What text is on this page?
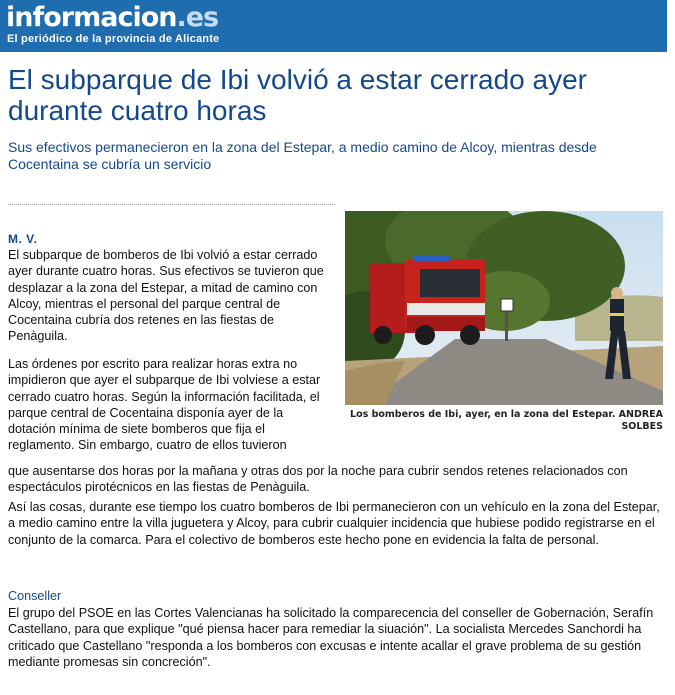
informacion.es
El periódico de la provincia de Alicante
El subparque de Ibi volvió a estar cerrado ayer durante cuatro horas

Sus efectivos permanecieron en la zona del Estepar, a medio camino de Alcoy, mientras desde Cocentaina se cubría un servicio

Los bomberos de Ibi, ayer, en la zona del Estepar. ANDREA SOLBES
M. V.

El subparque de bomberos de Ibi volvió a estar cerrado ayer durante cuatro horas. Sus efectivos se tuvieron que desplazar a la zona del Estepar, a mitad de camino con Alcoy, mientras el personal del parque central de Cocentaina cubría dos retenes en las fiestas de Penàguila.

Las órdenes por escrito para realizar horas extra no impidieron que ayer el subparque de Ibi volviese a estar cerrado cuatro horas. Según la información facilitada, el parque central de Cocentaina disponía ayer de la dotación mínima de siete bomberos que fija el reglamento. Sin embargo, cuatro de ellos tuvieron

que ausentarse dos horas por la mañana y otras dos por la noche para cubrir sendos retenes relacionados con espectáculos pirotécnicos en las fiestas de Penàguila.

Así las cosas, durante ese tiempo los cuatro bomberos de Ibi permanecieron con un vehículo en la zona del Estepar, a medio camino entre la villa juguetera y Alcoy, para cubrir cualquier incidencia que hubiese podido registrarse en el conjunto de la comarca. Para el colectivo de bomberos este hecho pone en evidencia la falta de personal.

Conseller

El grupo del PSOE en las Cortes Valencianas ha solicitado la comparecencia del conseller de Gobernación, Serafín Castellano, para que explique "qué piensa hacer para remediar la siuación". La socialista Mercedes Sanchordi ha criticado que Castellano "responda a los bomberos con excusas e intente acallar el grave problema de su gestión mediante promesas sin concreción".
